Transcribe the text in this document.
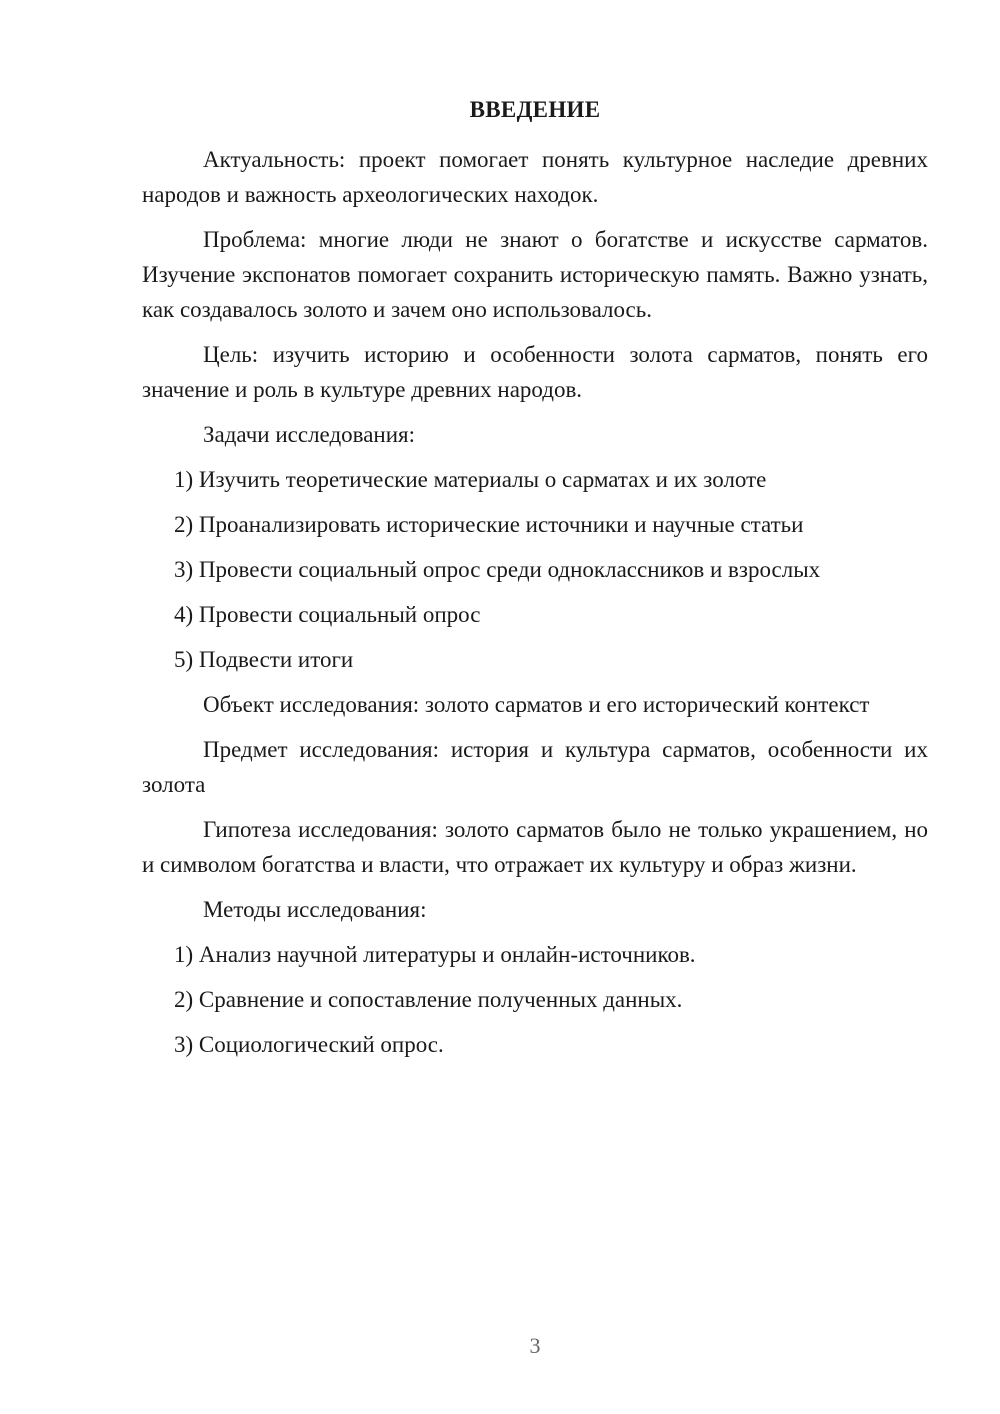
ВВЕДЕНИЕ
Актуальность: проект помогает понять культурное наследие древних народов и важность археологических находок.
Проблема: многие люди не знают о богатстве и искусстве сарматов. Изучение экспонатов помогает сохранить историческую память. Важно узнать, как создавалось золото и зачем оно использовалось.
Цель: изучить историю и особенности золота сарматов, понять его значение и роль в культуре древних народов.
Задачи исследования:
1) Изучить теоретические материалы о сарматах и их золоте
2) Проанализировать исторические источники и научные статьи
3) Провести социальный опрос среди одноклассников и взрослых
4) Провести социальный опрос
5) Подвести итоги
Объект исследования: золото сарматов и его исторический контекст
Предмет исследования: история и культура сарматов, особенности их золота
Гипотеза исследования: золото сарматов было не только украшением, но и символом богатства и власти, что отражает их культуру и образ жизни.
Методы исследования:
1) Анализ научной литературы и онлайн-источников.
2) Сравнение и сопоставление полученных данных.
3) Социологический опрос.
3
